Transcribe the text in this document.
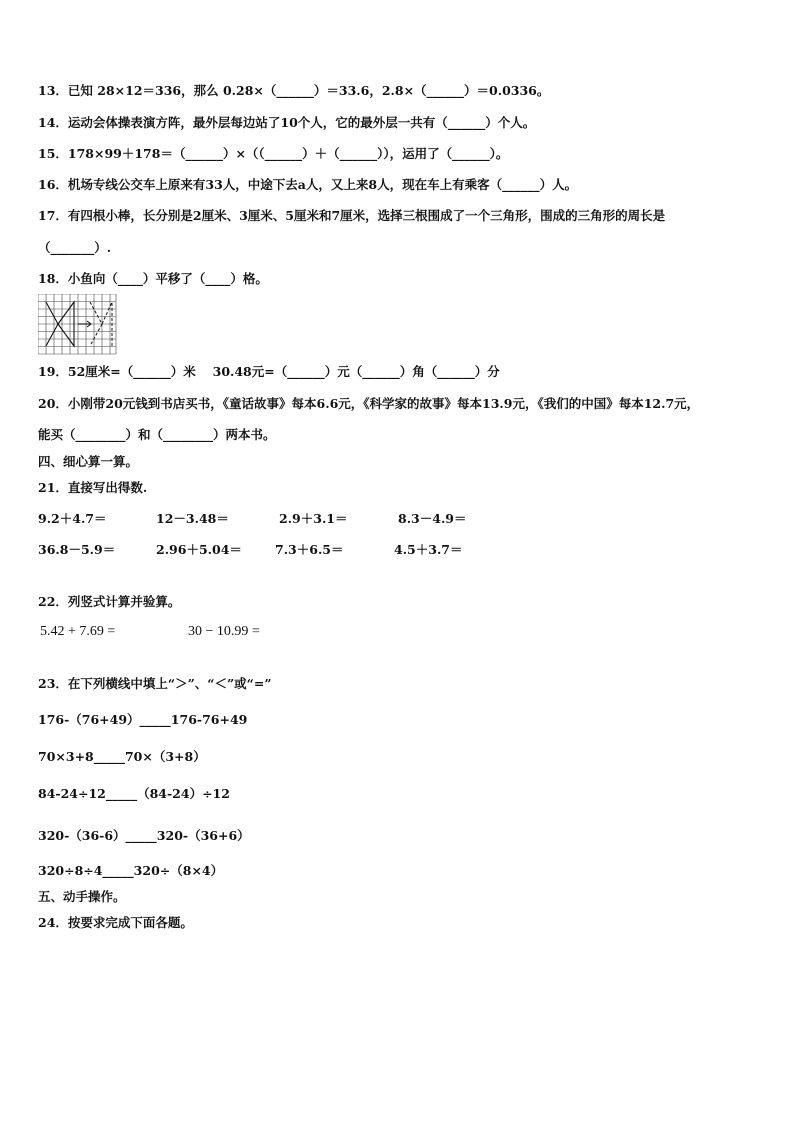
13．已知 28×12＝336，那么 0.28×（______）＝33.6，2.8×（______）＝0.0336。
14．运动会体操表演方阵，最外层每边站了10个人，它的最外层一共有（______）个人。
15．178×99＋178＝（______）×（（______）＋（______）），运用了（______）。
16．机场专线公交车上原来有33人，中途下去a人，又上来8人，现在车上有乘客（______）人。
17．有四根小棒，长分别是2厘米、3厘米、5厘米和7厘米，选择三根围成了一个三角形，围成的三角形的周长是
（_______）.
18．小鱼向（____）平移了（____）格。
19．52厘米=（______）米　 30.48元=（______）元（______）角（______）分
20．小刚带20元钱到书店买书，《童话故事》每本6.6元，《科学家的故事》每本13.9元，《我们的中国》每本12.7元，
能买（________）和（________）两本书。
四、细心算一算。
21．直接写出得数.
9.2＋4.7＝	12－3.48＝	2.9＋3.1＝	8.3－4.9＝
36.8－5.9＝	2.96＋5.04＝	7.3＋6.5＝	4.5＋3.7＝
22．列竖式计算并验算。
5.42 + 7.69 =	30 − 10.99 =
23．在下列横线中填上“＞”、“＜”或“=”
176-（76+49）_____176-76+49
70×3+8_____70×（3+8）
84-24÷12_____（84-24）÷12
320-（36-6）_____320-（36+6）
320÷8÷4_____320÷（8×4）
五、动手操作。
24．按要求完成下面各题。
